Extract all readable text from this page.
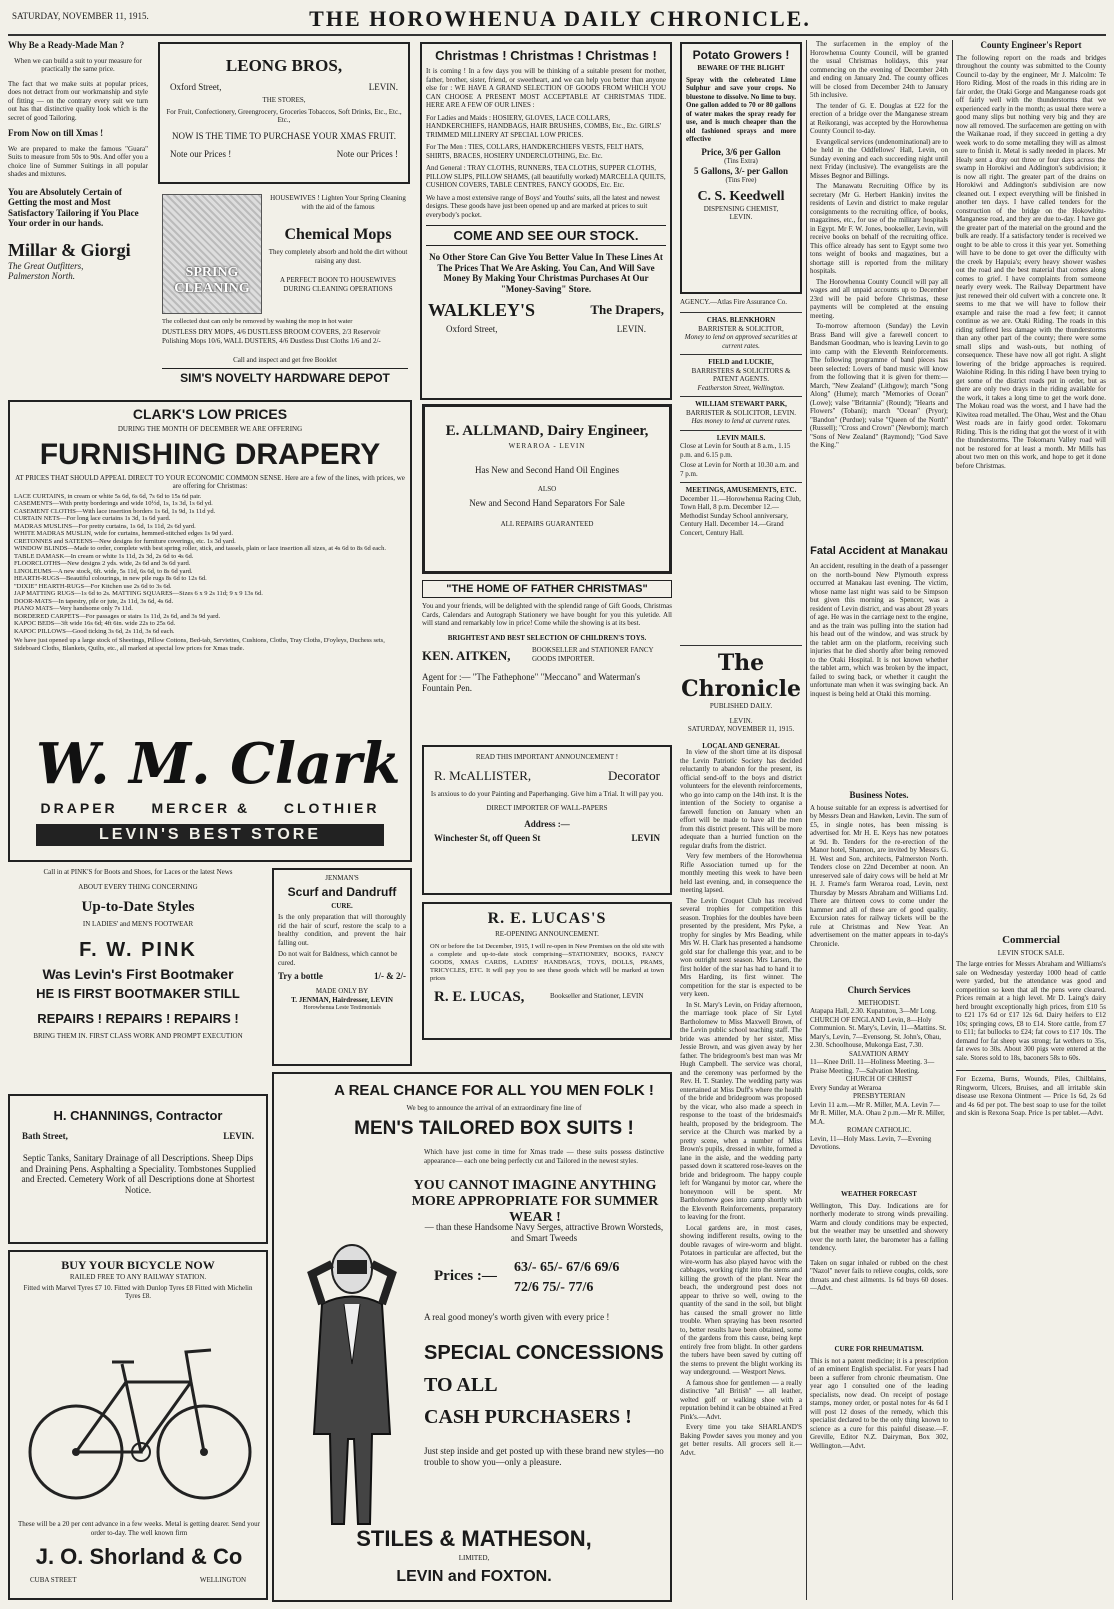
SATURDAY, NOVEMBER 11, 1915.	THE HOROWHENUA DAILY CHRONICLE.
Why Be a Ready-Made Man ?
When we can build a suit to your measure for practically the same price.
The fact that we make suits at popular prices, does not detract from our workmanship and style of fitting — on the contrary every suit we turn out has that distinctive quality look which is the secret of good Tailoring.
From Now on till Xmas !
We are prepared to make the famous "Guara" Suits to measure from 50s to 90s. And offer you a choice line of Summer Suitings in all popular shades and mixtures.
You are Absolutely Certain of Getting the most and Most Satisfactory Tailoring if You Place Your order in our hands.
Millar & Giorgi
The Great Outfitters,
Palmerston North.
LEONG BROS,
Oxford Street,	LEVIN.
THE STORES,
For Fruit, Confectionery, Greengrocery, Groceries Tobaccos, Soft Drinks, Etc., Etc., Etc.,
NOW IS THE TIME TO PURCHASE YOUR XMAS FRUIT.
Note our Prices !	Note our Prices !
SPRING CLEANING
HOUSEWIVES ! Lighten Your Spring Cleaning with the aid of the famous
Chemical Mops
They completely absorb and hold the dirt without raising any dust.
A PERFECT BOON TO HOUSEWIVES DURING CLEANING OPERATIONS
The collected dust can only be removed by washing the mop in hot water
DUSTLESS DRY MOPS, 4/6 DUSTLESS BROOM COVERS, 2/3 Reservoir Polishing Mops 10/6, WALL DUSTERS, 4/6 Dustless Dust Cloths 1/6 and 2/-
Call and inspect and get free Booklet
SIM'S NOVELTY HARDWARE DEPOT
Christmas ! Christmas ! Christmas !
It is coming ! In a few days you will be thinking of a suitable present for mother, father, brother, sister, friend, or sweetheart, and we can help you better than anyone else for : WE HAVE A GRAND SELECTION OF GOODS FROM WHICH YOU CAN CHOOSE A PRESENT MOST ACCEPTABLE AT CHRISTMAS TIDE. HERE ARE A FEW OF OUR LINES :
For Ladies and Maids : HOSIERY, GLOVES, LACE COLLARS, HANDKERCHIEFS, HANDBAGS, HAIR BRUSHES, COMBS, Etc., Etc. GIRLS' TRIMMED MILLINERY AT SPECIAL LOW PRICES.
For The Men : TIES, COLLARS, HANDKERCHIEFS VESTS, FELT HATS, SHIRTS, BRACES, HOSIERY UNDERCLOTHING, Etc. Etc.
And General : TRAY CLOTHS, RUNNERS, TEA CLOTHS, SUPPER CLOTHS, PILLOW SLIPS, PILLOW SHAMS, (all beautifully worked) MARCELLA QUILTS, CUSHION COVERS, TABLE CENTRES, FANCY GOODS, Etc. Etc.
We have a most extensive range of Boys' and Youths' suits, all the latest and newest designs. These goods have just been opened up and are marked at prices to suit everybody's pocket.
COME AND SEE OUR STOCK.
No Other Store Can Give You Better Value In These Lines At The Prices That We Are Asking. You Can, And Will Save Money By Making Your Christmas Purchases At Our "Money-Saving" Store.
WALKLEY'S	The Drapers,
Oxford Street,	LEVIN.
Potato Growers !
BEWARE OF THE BLIGHT
Spray with the celebrated Lime Sulphur and save your crops. No bluestone to dissolve. No lime to buy. One gallon added to 70 or 80 gallons of water makes the spray ready for use, and is much cheaper than the old fashioned sprays and more effective
Price, 3/6 per Gallon
(Tins Extra)
5 Gallons, 3/- per Gallon
(Tins Free)
C. S. Keedwell
DISPENSING CHEMIST,
LEVIN.
AGENCY.—Atlas Fire Assurance Co.
CHAS. BLENKHORN
BARRISTER & SOLICITOR,
Money to lend on approved securities at current rates.
FIELD and LUCKIE,
BARRISTERS & SOLICITORS & PATENT AGENTS.
Featherston Street, Wellington.
WILLIAM STEWART PARK,
BARRISTER & SOLICITOR, LEVIN.
Has money to lend at current rates.
LEVIN MAILS.
Close at Levin for South at 8 a.m., 1.15 p.m. and 6.15 p.m.
Close at Levin for North at 10.30 a.m. and 7 p.m.
MEETINGS, AMUSEMENTS, ETC.
December 11.—Horowhenua Racing Club, Town Hall, 8 p.m. December 12.—Methodist Sunday School anniversary, Century Hall. December 14.—Grand Concert, Century Hall.
The Chronicle
PUBLISHED DAILY.
LEVIN.
SATURDAY, NOVEMBER 11, 1915.
LOCAL AND GENERAL

In view of the short time at its disposal the Levin Patriotic Society has decided reluctantly to abandon for the present, its official send-off to the boys and district volunteers for the eleventh reinforcements, who go into camp on the 14th inst. It is the intention of the Society to organise a farewell function on January when an effort will be made to have all the men from this district present. This will be more adequate than a hurried function on the regular drafts from the district.

Very few members of the Horowhenua Rifle Association turned up for the monthly meeting this week to have been held last evening, and, in consequence the meeting lapsed.

The Levin Croquet Club has received several trophies for competition this season. Trophies for the doubles have been presented by the president, Mrs Pyke, a trophy for singles by Mrs Beading, while Mrs W. H. Clark has presented a handsome gold star for challenge this year, and to be won outright next season. Mrs Larsen, the first holder of the star has had to hand it to Mrs Harding, its first winner. The competition for the star is expected to be very keen.

In St. Mary's Levin, on Friday afternoon, the marriage took place of Sir Lytel Bartholomew to Miss Maxwell Brown, of the Levin public school teaching staff. The bride was attended by her sister, Miss Jessie Brown, and was given away by her father. The bridegroom's best man was Mr Hugh Campbell. The service was choral, and the ceremony was performed by the Rev. H. T. Stanley. The wedding party was entertained at Miss Duff's where the health of the bride and bridegroom was proposed by the vicar, who also made a speech in response to the toast of the bridesmaid's health, proposed by the bridegroom. The service at the Church was marked by a pretty scene, when a number of Miss Brown's pupils, dressed in white, formed a lane in the aisle, and the wedding party passed down it scattered rose-leaves on the bride and bridegroom. The happy couple left for Wanganui by motor car, where the honeymoon will be spent. Mr Bartholomew goes into camp shortly with the Eleventh Reinforcements, preparatory to leaving for the front.

Local gardens are, in most cases, showing indifferent results, owing to the double ravages of wire-worm and blight. Potatoes in particular are affected, but the wire-worm has also played havoc with the cabbages, working right into the stems and killing the growth of the plant. Near the beach, the underground pest does not appear to thrive so well, owing to the quantity of the sand in the soil, but blight has caused the small grower no little trouble. When spraying has been resorted to, better results have been obtained, some of the gardens from this cause, being kept entirely free from blight. In other gardens the tubers have been saved by cutting off the stems to prevent the blight working its way underground. — Westport News.

A famous shoe for gentlemen — a really distinctive "all British" — all leather, welted golf or walking shoe with a reputation behind it can be obtained at Fred Pink's.—Advt.

Every time you take SHARLAND'S Baking Powder saves you money and you get better results. All grocers sell it.—Advt.

The surfacemen in the employ of the Horowhenua County Council, will be granted the usual Christmas holidays, this year commencing on the evening of December 24th and ending on January 2nd. The county offices will be closed from December 24th to January 5th inclusive.

The tender of G. E. Douglas at £22 for the erection of a bridge over the Manganese stream at Reikorangi, was accepted by the Horowhenua County Council to-day.

Evangelical services (undenominational) are to be held in the Oddfellows' Hall, Levin, on Sunday evening and each succeeding night until next Friday (inclusive). The evangelists are the Misses Begnor and Billings.

The Manawatu Recruiting Office by its secretary (Mr G. Herbert Hankin) invites the residents of Levin and district to make regular consignments to the recruiting office, of books, magazines, etc., for use of the military hospitals in Egypt. Mr F. W. Jones, bookseller, Levin, will receive books on behalf of the recruiting office. This office already has sent to Egypt some two tons weight of books and magazines, but a shortage still is reported from the military hospitals.

The Horowhenua County Council will pay all wages and all unpaid accounts up to December 23rd will be paid before Christmas, these payments will be completed at the ensuing meeting.

To-morrow afternoon (Sunday) the Levin Brass Band will give a farewell concert to Bandsman Goodman, who is leaving Levin to go into camp with the Eleventh Reinforcements. The following programme of band pieces has been selected: Lovers of band music will know from the following that it is given for them:—March, "New Zealand" (Lithgow); march "Song Along" (Hume); march "Memories of Ocean" (Lowe); valse "Britannia" (Round); "Hearts and Flowers" (Tobani); march "Ocean" (Pryor); "Bandon" (Purdue); valse "Queen of the North" (Russell); "Cross and Crown" (Newborn); march "Sons of New Zealand" (Raymond); "God Save the King."

Fatal Accident at Manakau
An accident, resulting in the death of a passenger on the north-bound New Plymouth express occurred at Manakau last evening. The victim, whose name last night was said to be Simpson but given this morning as Spencer, was a resident of Levin district, and was about 28 years of age. He was in the carriage next to the engine, and as the train was pulling into the station had his head out of the window, and was struck by the tablet arm on the platform, receiving such injuries that he died shortly after being removed to the Otaki Hospital. It is not known whether the tablet arm, which was broken by the impact, failed to swing back, or whether it caught the unfortunate man when it was swinging back. An inquest is being held at Otaki this morning.
Business Notes.
A house suitable for an express is advertised for by Messrs Dean and Hawken, Levin. The sum of £5, in single notes, has been missing is advertised for. Mr H. E. Keys has new potatoes at 9d. lb. Tenders for the re-erection of the Manor hotel, Shannon, are invited by Messrs G. H. West and Son, architects, Palmerston North. Tenders close on 22nd December at noon. An unreserved sale of dairy cows will be held at Mr H. J. Frame's farm Weraroa road, Levin, next Thursday by Messrs Abraham and Williams Ltd. There are thirteen cows to come under the hammer and all of these are of good quality. Excursion rates for railway tickets will be the rule at Christmas and New Year. An advertisement on the matter appears in to-day's Chronicle.
Church Services
METHODIST.
Atapapa Hall, 2.30. Kupatutou, 3—Mr Long. CHURCH OF ENGLAND Levin, 8—Holy Communion. St. Mary's, Levin, 11—Mattins. St. Mary's, Levin, 7—Evensong. St. John's, Ohau, 2.30. Schoolhouse, Mukonga East, 7.30.
SALVATION ARMY
11—Knee Drill. 11—Holiness Meeting. 3—Praise Meeting. 7—Salvation Meeting.
CHURCH OF CHRIST
Every Sunday at Weraroa
PRESBYTERIAN
Levin 11 a.m.—Mr R. Miller, M.A. Levin 7—Mr R. Miller, M.A. Ohau 2 p.m.—Mr R. Miller, M.A.
ROMAN CATHOLIC.
Levin, 11—Holy Mass. Levin, 7—Evening Devotions.
WEATHER FORECAST
Wellington, This Day. Indications are for northerly moderate to strong winds prevailing. Warm and cloudy conditions may be expected, but the weather may be unsettled and showery over the north later, the barometer has a falling tendency.
Taken on sugar inhaled or rubbed on the chest "Nazol" never fails to relieve coughs, colds, sore throats and chest ailments. 1s 6d buys 60 doses.—Advt.
CURE FOR RHEUMATISM.
This is not a patent medicine; it is a prescription of an eminent English specialist. For years I had been a sufferer from chronic rheumatism. One year ago I consulted one of the leading specialists, now dead. On receipt of postage stamps, money order, or postal notes for 4s 6d I will post 12 doses of the remedy, which this specialist declared to be the only thing known to science as a cure for this painful disease.—F. Greville, Editor N.Z. Dairyman, Box 302, Wellington.—Advt.
County Engineer's Report
The following report on the roads and bridges throughout the county was submitted to the County Council to-day by the engineer, Mr J. Malcolm: Te Horo Riding. Most of the roads in this riding are in fair order, the Otaki Gorge and Manganese roads got off fairly well with the thunderstorms that we experienced early in the month; as usual there were a good many slips but nothing very big and they are now all removed. The surfacemen are getting on with the Waikanae road, if they succeed in getting a dry week work to do some metalling they will as almost sure to finish it. Metal is sadly needed in places. Mr Healy sent a dray out three or four days across the swamp in Horokiwi and Addington's subdivision; it is now all right. The greater part of the drains on Horokiwi and Addington's subdivision are now cleaned out. I expect everything will be finished in another ten days. I have called tenders for the construction of the bridge on the Hokowhitu-Manganese road, and they are due to-day. I have got the greater part of the material on the ground and the bulk are ready. If a satisfactory tender is received we ought to be able to cross it this year yet. Something will have to be done to get over the difficulty with the creek by Hapuia's; every heavy shower washes out the road and the best material that comes along comes to grief. I have complaints from someone nearly every week. The Railway Department have just renewed their old culvert with a concrete one. It seems to me that we will have to follow their example and raise the road a few feet; it cannot continue as we are. Otaki Riding. The roads in this riding suffered less damage with the thunderstorms than any other part of the county; there were some small slips and wash-outs, but nothing of consequence. These have now all got right. A slight lowering of the bridge approaches is required. Waiohine Riding. In this riding I have been trying to get some of the district roads put in order, but as there are only two drays in the riding available for the work, it takes a long time to get the work done. The Mokau road was the worst, and I have had the Kiwitea road metalled. The Ohau, West and the Ohau West roads are in fairly good order. Tokomaru Riding. This is the riding that got the worst of it with the thunderstorms. The Tokomaru Valley road will not be restored for at least a month. Mr Mills has about two men on this work, and hope to get it done before Christmas.
Commercial
LEVIN STOCK SALE.
The large entries for Messrs Abraham and Williams's sale on Wednesday yesterday 1000 head of cattle were yarded, but the attendance was good and competition so keen that all the pens were cleared. Prices remain at a high level. Mr D. Laing's dairy herd brought exceptionally high prices, from £10 5s to £21 17s 6d or £17 12s 6d. Dairy heifers to £12 10s; springing cows, £8 to £14. Store cattle, from £7 to £11; fat bullocks to £24; fat cows to £17 10s. The demand for fat sheep was strong; fat wethers to 35s, fat ewes to 30s. About 300 pigs were entered at the sale. Stores sold to 18s, baconers 58s to 60s.
For Eczema, Burns, Wounds, Piles, Chilblains, Ringworm, Ulcers, Bruises, and all irritable skin disease use Rexona Ointment — Price 1s 6d, 2s 6d and 4s 6d per pot. The best soap to use for the toilet and skin is Rexona Soap. Price 1s per tablet.—Advt.
CLARK'S LOW PRICES
DURING THE MONTH OF DECEMBER WE ARE OFFERING
FURNISHING DRAPERY
AT PRICES THAT SHOULD APPEAL DIRECT TO YOUR ECONOMIC COMMON SENSE. Here are a few of the lines, with prices, we are offering for Christmas:
LACE CURTAINS, in cream or white 5s 6d, 6s 6d, 7s 6d to 15s 6d pair.
CASEMENTS—With pretty borderings and wide 10½d, 1s, 1s 3d, 1s 6d yd.
CASEMENT CLOTHS—With lace insertion borders 1s 6d, 1s 9d, 1s 11d yd.
CURTAIN NETS—For long lace curtains 1s 3d, 1s 6d yard.
MADRAS MUSLINS—For pretty curtains, 1s 6d, 1s 11d, 2s 6d yard.
WHITE MADRAS MUSLIN, wide for curtains, hemmed-stitched edges 1s 9d yard.
CRETONNES and SATEENS—New designs for furniture coverings, etc. 1s 3d yard.
WINDOW BLINDS—Made to order, complete with best spring roller, stick, and tassels, plain or lace insertion all sizes, at 4s 6d to 8s 6d each.
TABLE DAMASK—In cream or white 1s 11d, 2s 3d, 2s 6d to 4s 6d.
FLOORCLOTHS—New designs 2 yds. wide, 2s 6d and 3s 6d yard.
LINOLEUMS—A new stock, 6ft. wide, 5s 11d, 6s 6d, to 8s 6d yard.
HEARTH-RUGS—Beautiful colourings, in new pile rugs 8s 6d to 12s 6d.
"DIXIE" HEARTH-RUGS—For Kitchen use 2s 6d to 3s 6d.
JAP MATTING RUGS—1s 6d to 2s. MATTING SQUARES—Sizes 6 x 9 2s 11d; 9 x 9 13s 6d.
DOOR-MATS—In tapestry, pile or jute, 2s 11d, 3s 6d, 4s 6d.
PIANO MATS—Very handsome only 7s 11d.
BORDERED CARPETS—For passages or stairs 1s 11d, 2s 6d, and 3s 9d yard.
KAPOC BEDS—3ft wide 16s 6d; 4ft 6in. wide 22s to 25s 6d.
KAPOC PILLOWS—Good ticking 3s 6d, 2s 11d, 3s 6d each.
We have just opened up a large stock of Sheetings, Pillow Cottons, Bed-tab, Serviettes, Cushions, Cloths, Tray Cloths, D'oyleys, Duchess sets, Sideboard Cloths, Blankets, Quilts, etc., all marked at special low prices for Xmas trade.
W. M. Clark
DRAPER MERCER & CLOTHIER
LEVIN'S BEST STORE
E. ALLMAND, Dairy Engineer,
WERAROA - LEVIN
Has New and Second Hand Oil Engines
ALSO
New and Second Hand Separators For Sale
ALL REPAIRS GUARANTEED
"THE HOME OF FATHER CHRISTMAS"
You and your friends, will be delighted with the splendid range of Gift Goods, Christmas Cards, Calendars and Autograph Stationery we have bought for you this yuletide. All will stand and remarkably low in price! Come while the showing is at its best.
BRIGHTEST AND BEST SELECTION OF CHILDREN'S TOYS.
KEN. AITKEN,	BOOKSELLER and STATIONER FANCY GOODS IMPORTER.
Agent for :— "The Fathephone" "Meccano" and Waterman's Fountain Pen.
READ THIS IMPORTANT ANNOUNCEMENT !
R. McALLISTER,	Decorator
Is anxious to do your Painting and Paperhanging. Give him a Trial. It will pay you.
DIRECT IMPORTER OF WALL-PAPERS
Address :—
Winchester St, off Queen St	LEVIN
R. E. LUCAS'S
RE-OPENING ANNOUNCEMENT.
ON or before the 1st December, 1915, I will re-open in New Premises on the old site with a complete and up-to-date stock comprising—STATIONERY, BOOKS, FANCY GOODS, XMAS CARDS, LADIES' HANDBAGS, TOYS, DOLLS, PRAMS, TRICYCLES, ETC. It will pay you to see these goods which will be marked at town prices
R. E. LUCAS,	Bookseller and Stationer, LEVIN
Call in at PINK'S for Boots and Shoes, for Laces or the latest News
ABOUT EVERY THING CONCERNING
Up-to-Date Styles
IN LADIES' and MEN'S FOOTWEAR
F. W. PINK
Was Levin's First Bootmaker
HE IS FIRST BOOTMAKER STILL
REPAIRS ! REPAIRS ! REPAIRS !
BRING THEM IN. FIRST CLASS WORK AND PROMPT EXECUTION
JENMAN'S
Scurf and Dandruff
CURE.
Is the only preparation that will thoroughly rid the hair of scurf, restore the scalp to a healthy condition, and prevent the hair falling out.
Do not wait for Baldness, which cannot be cured.
Try a bottle	1/- & 2/-
MADE ONLY BY
T. JENMAN, Hairdresser, LEVIN
Horowhenua Leste Testimonials
H. CHANNINGS, Contractor
Bath Street,	LEVIN.
Septic Tanks, Sanitary Drainage of all Descriptions. Sheep Dips and Draining Pens. Asphalting a Speciality. Tombstones Supplied and Erected. Cemetery Work of all Descriptions done at Shortest Notice.
BUY YOUR BICYCLE NOW
RAILED FREE TO ANY RAILWAY STATION.
Fitted with Marvel Tyres £7 10. Fitted with Dunlop Tyres £8 Fitted with Michelin Tyres £8.
These will be a 20 per cent advance in a few weeks. Metal is getting dearer. Send your order to-day. The well known firm
J. O. Shorland & Co
CUBA STREET	WELLINGTON
A REAL CHANCE FOR ALL YOU MEN FOLK !
We beg to announce the arrival of an extraordinary fine line of
MEN'S TAILORED BOX SUITS !
Which have just come in time for Xmas trade — these suits possess distinctive appearance— each one being perfectly cut and Tailored in the newest styles.
YOU CANNOT IMAGINE ANYTHING MORE APPROPRIATE FOR SUMMER WEAR !
— than these Handsome Navy Serges, attractive Brown Worsteds, and Smart Tweeds
Prices :—
63/- 65/- 67/6 69/6
72/6 75/- 77/6
A real good money's worth given with every price !
SPECIAL CONCESSIONS
TO ALL
CASH PURCHASERS !
Just step inside and get posted up with these brand new styles—no trouble to show you—only a pleasure.
STILES & MATHESON,
LIMITED,
LEVIN and FOXTON.
